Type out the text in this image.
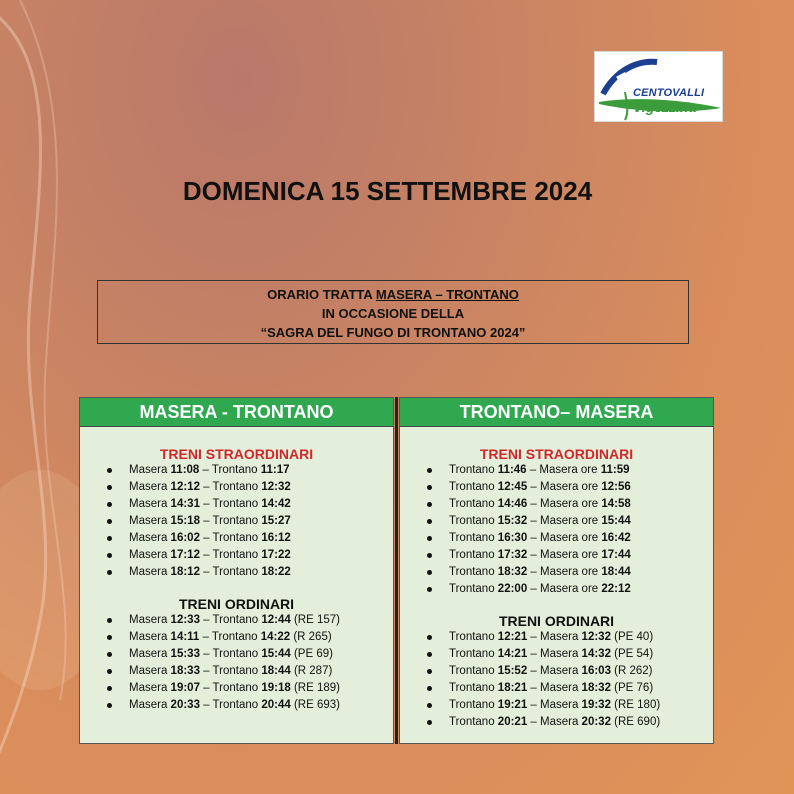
CENTOVALLI
Vigezzina
DOMENICA 15 SETTEMBRE 2024
ORARIO TRATTA MASERA – TRONTANO
IN OCCASIONE DELLA
“SAGRA DEL FUNGO DI TRONTANO 2024”
MASERA - TRONTANO
TRENI STRAORDINARI
Masera 11:08 – Trontano 11:17
Masera 12:12 – Trontano 12:32
Masera 14:31 – Trontano 14:42
Masera 15:18 – Trontano 15:27
Masera 16:02 – Trontano 16:12
Masera 17:12 – Trontano 17:22
Masera 18:12 – Trontano 18:22
TRENI ORDINARI
Masera 12:33 – Trontano 12:44 (RE 157)
Masera 14:11 – Trontano 14:22 (R 265)
Masera 15:33 – Trontano 15:44 (PE 69)
Masera 18:33 – Trontano 18:44 (R 287)
Masera 19:07 – Trontano 19:18 (RE 189)
Masera 20:33 – Trontano 20:44 (RE 693)
TRONTANO– MASERA
TRENI STRAORDINARI
Trontano 11:46 – Masera ore 11:59
Trontano 12:45 – Masera ore 12:56
Trontano 14:46 – Masera ore 14:58
Trontano 15:32 – Masera ore 15:44
Trontano 16:30 – Masera ore 16:42
Trontano 17:32 – Masera ore 17:44
Trontano 18:32 – Masera ore 18:44
Trontano 22:00 – Masera ore 22:12
TRENI ORDINARI
Trontano 12:21 – Masera 12:32 (PE 40)
Trontano 14:21 – Masera 14:32 (PE 54)
Trontano 15:52 – Masera 16:03 (R 262)
Trontano 18:21 – Masera 18:32 (PE 76)
Trontano 19:21 – Masera 19:32 (RE 180)
Trontano 20:21 – Masera 20:32 (RE 690)
